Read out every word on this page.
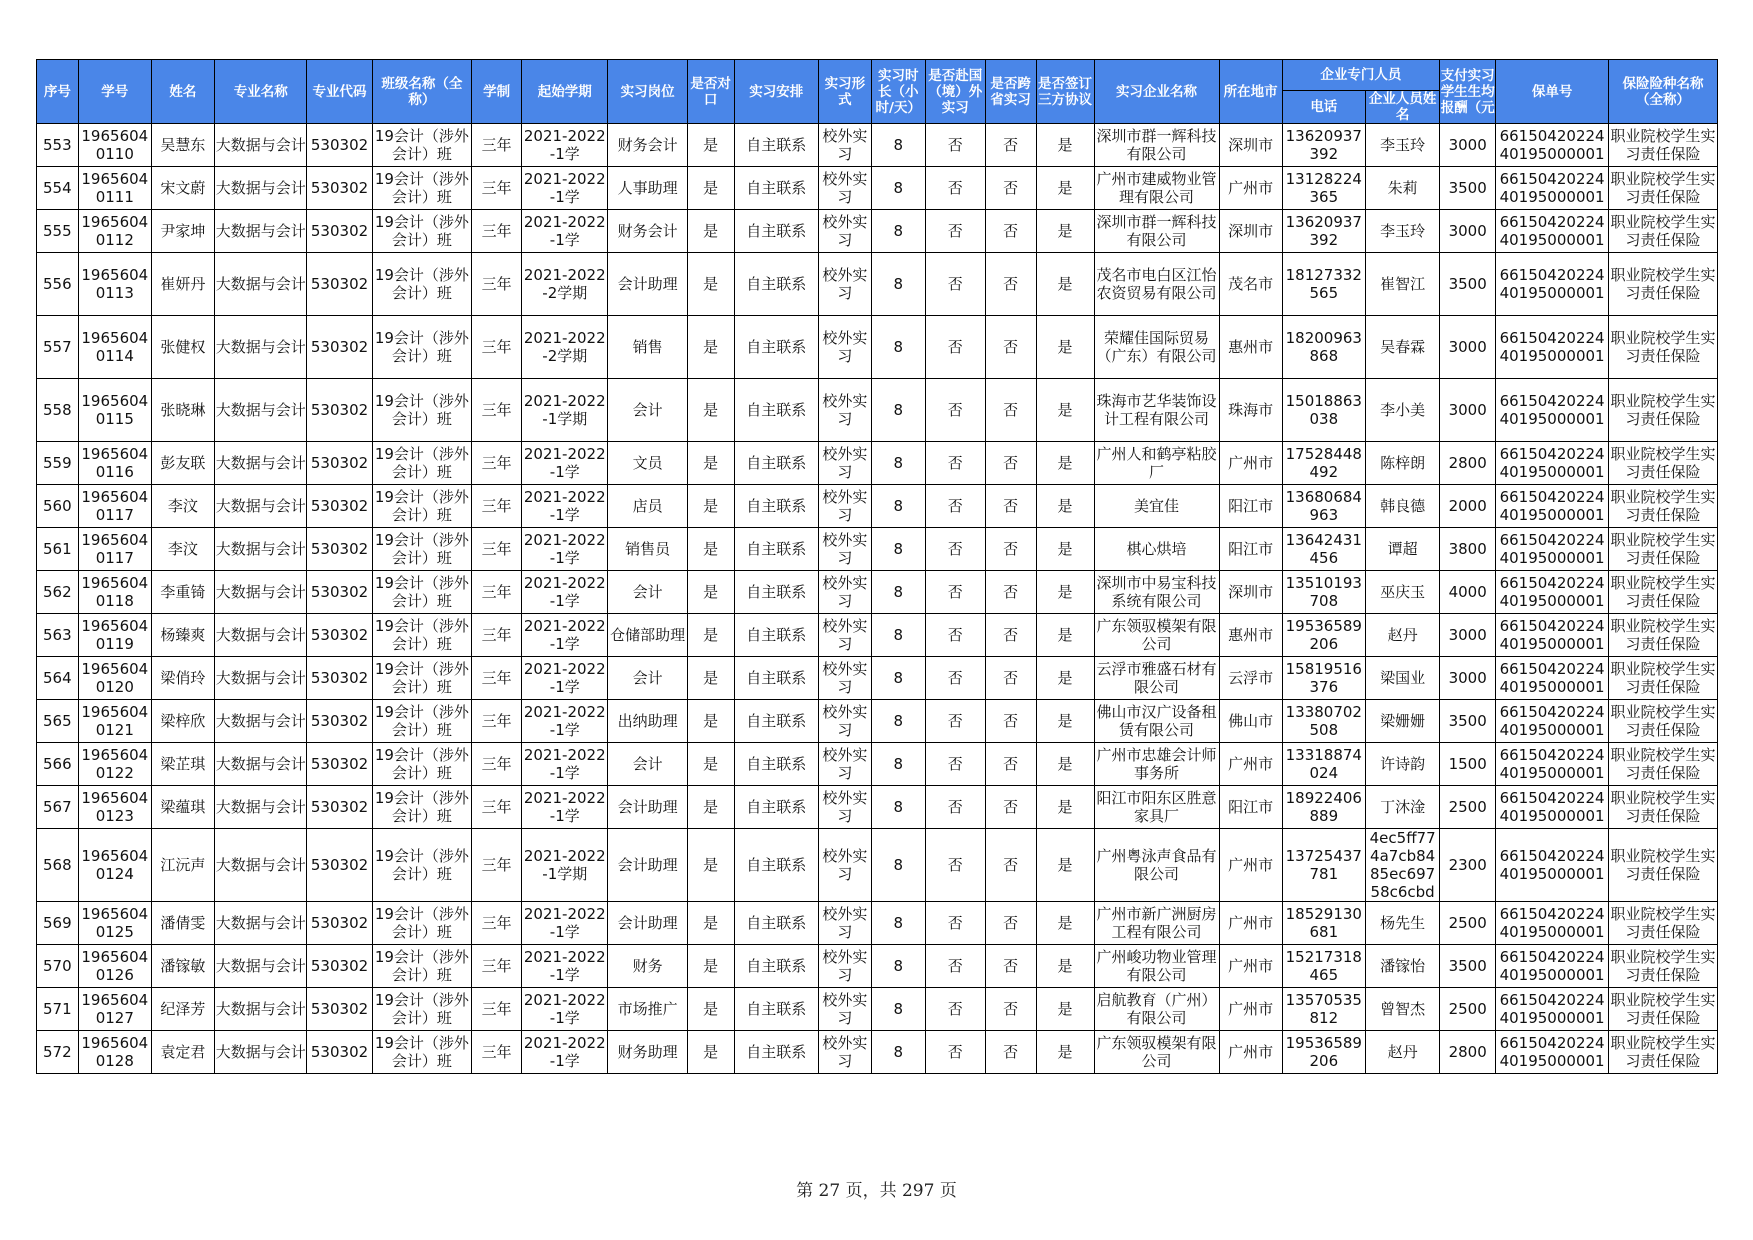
序号	学号	姓名	专业名称	专业代码	班级名称（全称）	学制	起始学期	实习岗位	是否对口	实习安排	实习形式	实习时长（小时/天）	是否赴国（境）外实习	是否跨省实习	是否签订三方协议	实习企业名称	所在地市	企业专门人员		支付实习学生生均报酬（元	保单号	保险险种名称（全称）
																		电话	企业人员姓名			
553	19656040110	吴慧东	大数据与会计	530302	19会计（涉外会计）班	三年	2021-2022-1学	财务会计	是	自主联系	校外实习	8	否	否	是	深圳市群一辉科技有限公司	深圳市	13620937392	李玉玲	3000	6615042022440195000001	职业院校学生实习责任保险
554	19656040111	宋文蔚	大数据与会计	530302	19会计（涉外会计）班	三年	2021-2022-1学	人事助理	是	自主联系	校外实习	8	否	否	是	广州市建威物业管理有限公司	广州市	13128224365	朱莉	3500	6615042022440195000001	职业院校学生实习责任保险
555	19656040112	尹家坤	大数据与会计	530302	19会计（涉外会计）班	三年	2021-2022-1学	财务会计	是	自主联系	校外实习	8	否	否	是	深圳市群一辉科技有限公司	深圳市	13620937392	李玉玲	3000	6615042022440195000001	职业院校学生实习责任保险
556	19656040113	崔妍丹	大数据与会计	530302	19会计（涉外会计）班	三年	2021-2022-2学期	会计助理	是	自主联系	校外实习	8	否	否	是	茂名市电白区江怡农资贸易有限公司	茂名市	18127332565	崔智江	3500	6615042022440195000001	职业院校学生实习责任保险
557	19656040114	张健权	大数据与会计	530302	19会计（涉外会计）班	三年	2021-2022-2学期	销售	是	自主联系	校外实习	8	否	否	是	荣耀佳国际贸易（广东）有限公司	惠州市	18200963868	吴春霖	3000	6615042022440195000001	职业院校学生实习责任保险
558	19656040115	张晓琳	大数据与会计	530302	19会计（涉外会计）班	三年	2021-2022-1学期	会计	是	自主联系	校外实习	8	否	否	是	珠海市艺华装饰设计工程有限公司	珠海市	15018863038	李小美	3000	6615042022440195000001	职业院校学生实习责任保险
559	19656040116	彭友联	大数据与会计	530302	19会计（涉外会计）班	三年	2021-2022-1学	文员	是	自主联系	校外实习	8	否	否	是	广州人和鹤亭粘胶厂	广州市	17528448492	陈梓朗	2800	6615042022440195000001	职业院校学生实习责任保险
560	19656040117	李汶	大数据与会计	530302	19会计（涉外会计）班	三年	2021-2022-1学	店员	是	自主联系	校外实习	8	否	否	是	美宜佳	阳江市	13680684963	韩良德	2000	6615042022440195000001	职业院校学生实习责任保险
561	19656040117	李汶	大数据与会计	530302	19会计（涉外会计）班	三年	2021-2022-1学	销售员	是	自主联系	校外实习	8	否	否	是	棋心烘培	阳江市	13642431456	谭超	3800	6615042022440195000001	职业院校学生实习责任保险
562	19656040118	李重锜	大数据与会计	530302	19会计（涉外会计）班	三年	2021-2022-1学	会计	是	自主联系	校外实习	8	否	否	是	深圳市中易宝科技系统有限公司	深圳市	13510193708	巫庆玉	4000	6615042022440195000001	职业院校学生实习责任保险
563	19656040119	杨臻爽	大数据与会计	530302	19会计（涉外会计）班	三年	2021-2022-1学	仓储部助理	是	自主联系	校外实习	8	否	否	是	广东领驭模架有限公司	惠州市	19536589206	赵丹	3000	6615042022440195000001	职业院校学生实习责任保险
564	19656040120	梁俏玲	大数据与会计	530302	19会计（涉外会计）班	三年	2021-2022-1学	会计	是	自主联系	校外实习	8	否	否	是	云浮市雅盛石材有限公司	云浮市	15819516376	梁国业	3000	6615042022440195000001	职业院校学生实习责任保险
565	19656040121	梁梓欣	大数据与会计	530302	19会计（涉外会计）班	三年	2021-2022-1学	出纳助理	是	自主联系	校外实习	8	否	否	是	佛山市汉广设备租赁有限公司	佛山市	13380702508	梁姗姗	3500	6615042022440195000001	职业院校学生实习责任保险
566	19656040122	梁芷琪	大数据与会计	530302	19会计（涉外会计）班	三年	2021-2022-1学	会计	是	自主联系	校外实习	8	否	否	是	广州市忠雄会计师事务所	广州市	13318874024	许诗韵	1500	6615042022440195000001	职业院校学生实习责任保险
567	19656040123	梁蕴琪	大数据与会计	530302	19会计（涉外会计）班	三年	2021-2022-1学	会计助理	是	自主联系	校外实习	8	否	否	是	阳江市阳东区胜意家具厂	阳江市	18922406889	丁沐淦	2500	6615042022440195000001	职业院校学生实习责任保险
568	19656040124	江沅声	大数据与会计	530302	19会计（涉外会计）班	三年	2021-2022-1学期	会计助理	是	自主联系	校外实习	8	否	否	是	广州粤泳声食品有限公司	广州市	13725437781	4ec5ff774a7cb8485ec69758c6cbd	2300	6615042022440195000001	职业院校学生实习责任保险
569	19656040125	潘倩雯	大数据与会计	530302	19会计（涉外会计）班	三年	2021-2022-1学	会计助理	是	自主联系	校外实习	8	否	否	是	广州市新广洲厨房工程有限公司	广州市	18529130681	杨先生	2500	6615042022440195000001	职业院校学生实习责任保险
570	19656040126	潘镓敏	大数据与会计	530302	19会计（涉外会计）班	三年	2021-2022-1学	财务	是	自主联系	校外实习	8	否	否	是	广州峻功物业管理有限公司	广州市	15217318465	潘镓怡	3500	6615042022440195000001	职业院校学生实习责任保险
571	19656040127	纪泽芳	大数据与会计	530302	19会计（涉外会计）班	三年	2021-2022-1学	市场推广	是	自主联系	校外实习	8	否	否	是	启航教育（广州）有限公司	广州市	13570535812	曾智杰	2500	6615042022440195000001	职业院校学生实习责任保险
572	19656040128	袁定君	大数据与会计	530302	19会计（涉外会计）班	三年	2021-2022-1学	财务助理	是	自主联系	校外实习	8	否	否	是	广东领驭模架有限公司	广州市	19536589206	赵丹	2800	6615042022440195000001	职业院校学生实习责任保险
第 27 页，共 297 页
